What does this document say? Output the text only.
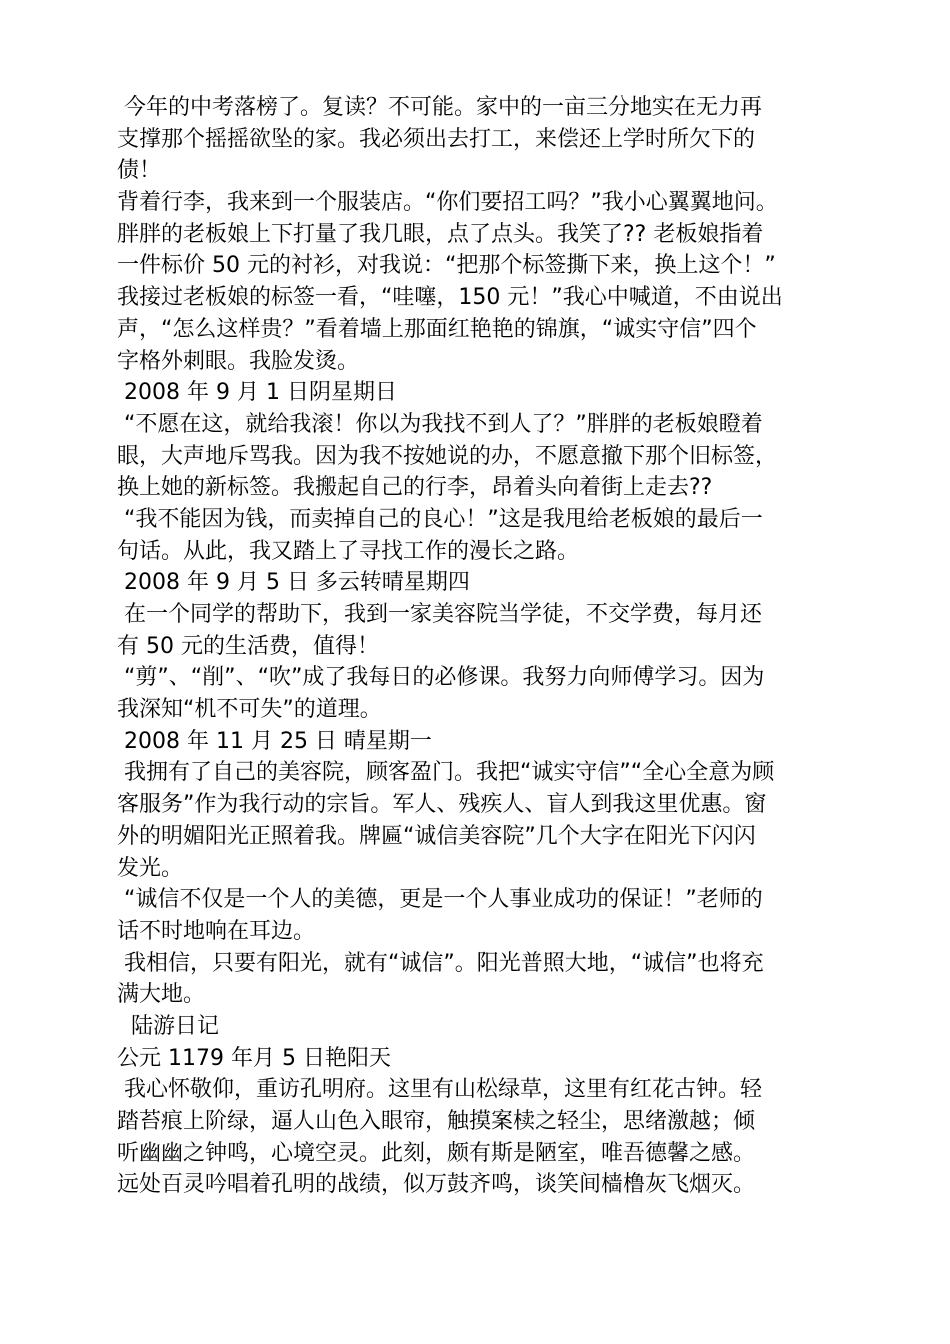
今年的中考落榜了。复读？不可能。家中的一亩三分地实在无力再
支撑那个摇摇欲坠的家。我必须出去打工，来偿还上学时所欠下的
债！
背着行李，我来到一个服装店。“你们要招工吗？”我小心翼翼地问。
胖胖的老板娘上下打量了我几眼，点了点头。我笑了?? 老板娘指着
一件标价 50 元的衬衫，对我说：“把那个标签撕下来，换上这个！”
我接过老板娘的标签一看，“哇噻，150 元！”我心中喊道，不由说出
声，“怎么这样贵？”看着墙上那面红艳艳的锦旗，“诚实守信”四个
字格外刺眼。我脸发烫。
2008 年 9 月 1 日阴星期日
“不愿在这，就给我滚！你以为我找不到人了？”胖胖的老板娘瞪着
眼，大声地斥骂我。因为我不按她说的办，不愿意撤下那个旧标签，
换上她的新标签。我搬起自己的行李，昂着头向着街上走去??
“我不能因为钱，而卖掉自己的良心！”这是我甩给老板娘的最后一
句话。从此，我又踏上了寻找工作的漫长之路。
2008 年 9 月 5 日 多云转晴星期四
在一个同学的帮助下，我到一家美容院当学徒，不交学费，每月还
有 50 元的生活费，值得！
“剪”、“削”、“吹”成了我每日的必修课。我努力向师傅学习。因为
我深知“机不可失”的道理。
2008 年 11 月 25 日 晴星期一
我拥有了自己的美容院，顾客盈门。我把“诚实守信”“全心全意为顾
客服务”作为我行动的宗旨。军人、残疾人、盲人到我这里优惠。窗
外的明媚阳光正照着我。牌匾“诚信美容院”几个大字在阳光下闪闪
发光。
“诚信不仅是一个人的美德，更是一个人事业成功的保证！”老师的
话不时地响在耳边。
我相信，只要有阳光，就有“诚信”。阳光普照大地，“诚信”也将充
满大地。
陆游日记
公元 1179 年月 5 日艳阳天
我心怀敬仰，重访孔明府。这里有山松绿草，这里有红花古钟。轻
踏苔痕上阶绿，逼人山色入眼帘，触摸案椟之轻尘，思绪激越；倾
听幽幽之钟鸣，心境空灵。此刻，颇有斯是陋室，唯吾德馨之感。
远处百灵吟唱着孔明的战绩，似万鼓齐鸣，谈笑间樯橹灰飞烟灭。
